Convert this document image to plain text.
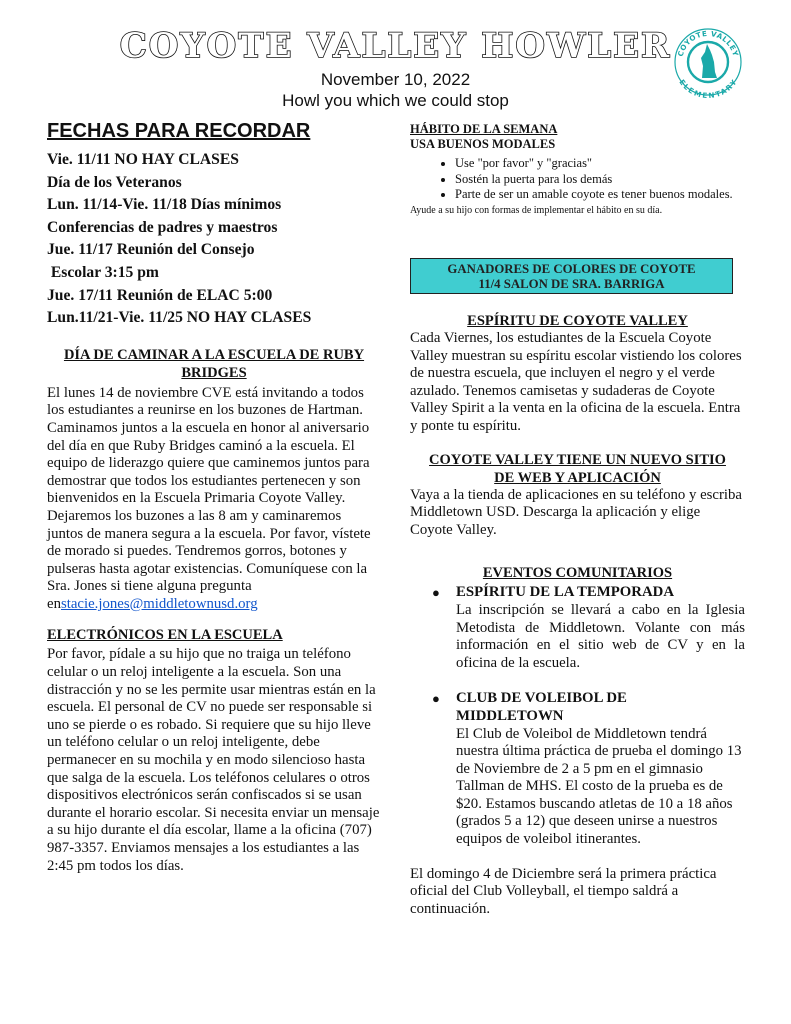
COYOTE VALLEY HOWLER
November 10, 2022
Howl you which we could stop
COYOTE VALLEY
ELEMENTARY
FECHAS PARA RECORDAR
Vie. 11/11 NO HAY CLASES
Día de los Veteranos
Lun. 11/14-Vie. 11/18 Días mínimos
Conferencias de padres y maestros
Jue. 11/17 Reunión del Consejo
Escolar 3:15 pm
Jue. 17/11 Reunión de ELAC 5:00
Lun.11/21-Vie. 11/25 NO HAY CLASES
DÍA DE CAMINAR A LA ESCUELA DE RUBY
BRIDGES

El lunes 14 de noviembre CVE está invitando a todos los estudiantes a reunirse en los buzones de Hartman. Caminamos juntos a la escuela en honor al aniversario del día en que Ruby Bridges caminó a la escuela. El equipo de liderazgo quiere que caminemos juntos para demostrar que todos los estudiantes pertenecen y son bienvenidos en la Escuela Primaria Coyote Valley. Dejaremos los buzones a las 8 am y caminaremos juntos de manera segura a la escuela. Por favor, vístete de morado si puedes. Tendremos gorros, botones y pulseras hasta agotar existencias. Comuníquese con la Sra. Jones si tiene alguna pregunta enstacie.jones@middletownusd.org

ELECTRÓNICOS EN LA ESCUELA

Por favor, pídale a su hijo que no traiga un teléfono celular o un reloj inteligente a la escuela. Son una distracción y no se les permite usar mientras están en la escuela. El personal de CV no puede ser responsable si uno se pierde o es robado. Si requiere que su hijo lleve un teléfono celular o un reloj inteligente, debe permanecer en su mochila y en modo silencioso hasta que salga de la escuela. Los teléfonos celulares o otros dispositivos electrónicos serán confiscados si se usan durante el horario escolar. Si necesita enviar un mensaje a su hijo durante el día escolar, llame a la oficina (707) 987-3357. Enviamos mensajes a los estudiantes a las 2:45 pm todos los días.

HÁBITO DE LA SEMANA
USA BUENOS MODALES
• Use "por favor" y "gracias"
• Sostén la puerta para los demás
• Parte de ser un amable coyote es tener buenos modales.

Ayude a su hijo con formas de implementar el hábito en su día.

GANADORES DE COLORES DE COYOTE
11/4 SALON DE SRA. BARRIGA
ESPÍRITU DE COYOTE VALLEY

Cada Viernes, los estudiantes de la Escuela Coyote Valley muestran su espíritu escolar vistiendo los colores de nuestra escuela, que incluyen el negro y el verde azulado. Tenemos camisetas y sudaderas de Coyote Valley Spirit a la venta en la oficina de la escuela. Entra y ponte tu espíritu.

COYOTE VALLEY TIENE UN NUEVO SITIO
DE WEB Y APLICACIÓN

Vaya a la tienda de aplicaciones en su teléfono y escriba Middletown USD. Descarga la aplicación y elige Coyote Valley.

EVENTOS COMUNITARIOS

● ESPÍRITU DE LA TEMPORADA

La inscripción se llevará a cabo en la Iglesia Metodista de Middletown. Volante con más información en el sitio web de CV y en la oficina de la escuela.

● CLUB DE VOLEIBOL DE MIDDLETOWN

El Club de Voleibol de Middletown tendrá nuestra última práctica de prueba el domingo 13 de Noviembre de 2 a 5 pm en el gimnasio Tallman de MHS. El costo de la prueba es de $20. Estamos buscando atletas de 10 a 18 años (grados 5 a 12) que deseen unirse a nuestros equipos de voleibol itinerantes.

El domingo 4 de Diciembre será la primera práctica oficial del Club Volleyball, el tiempo saldrá a continuación.
